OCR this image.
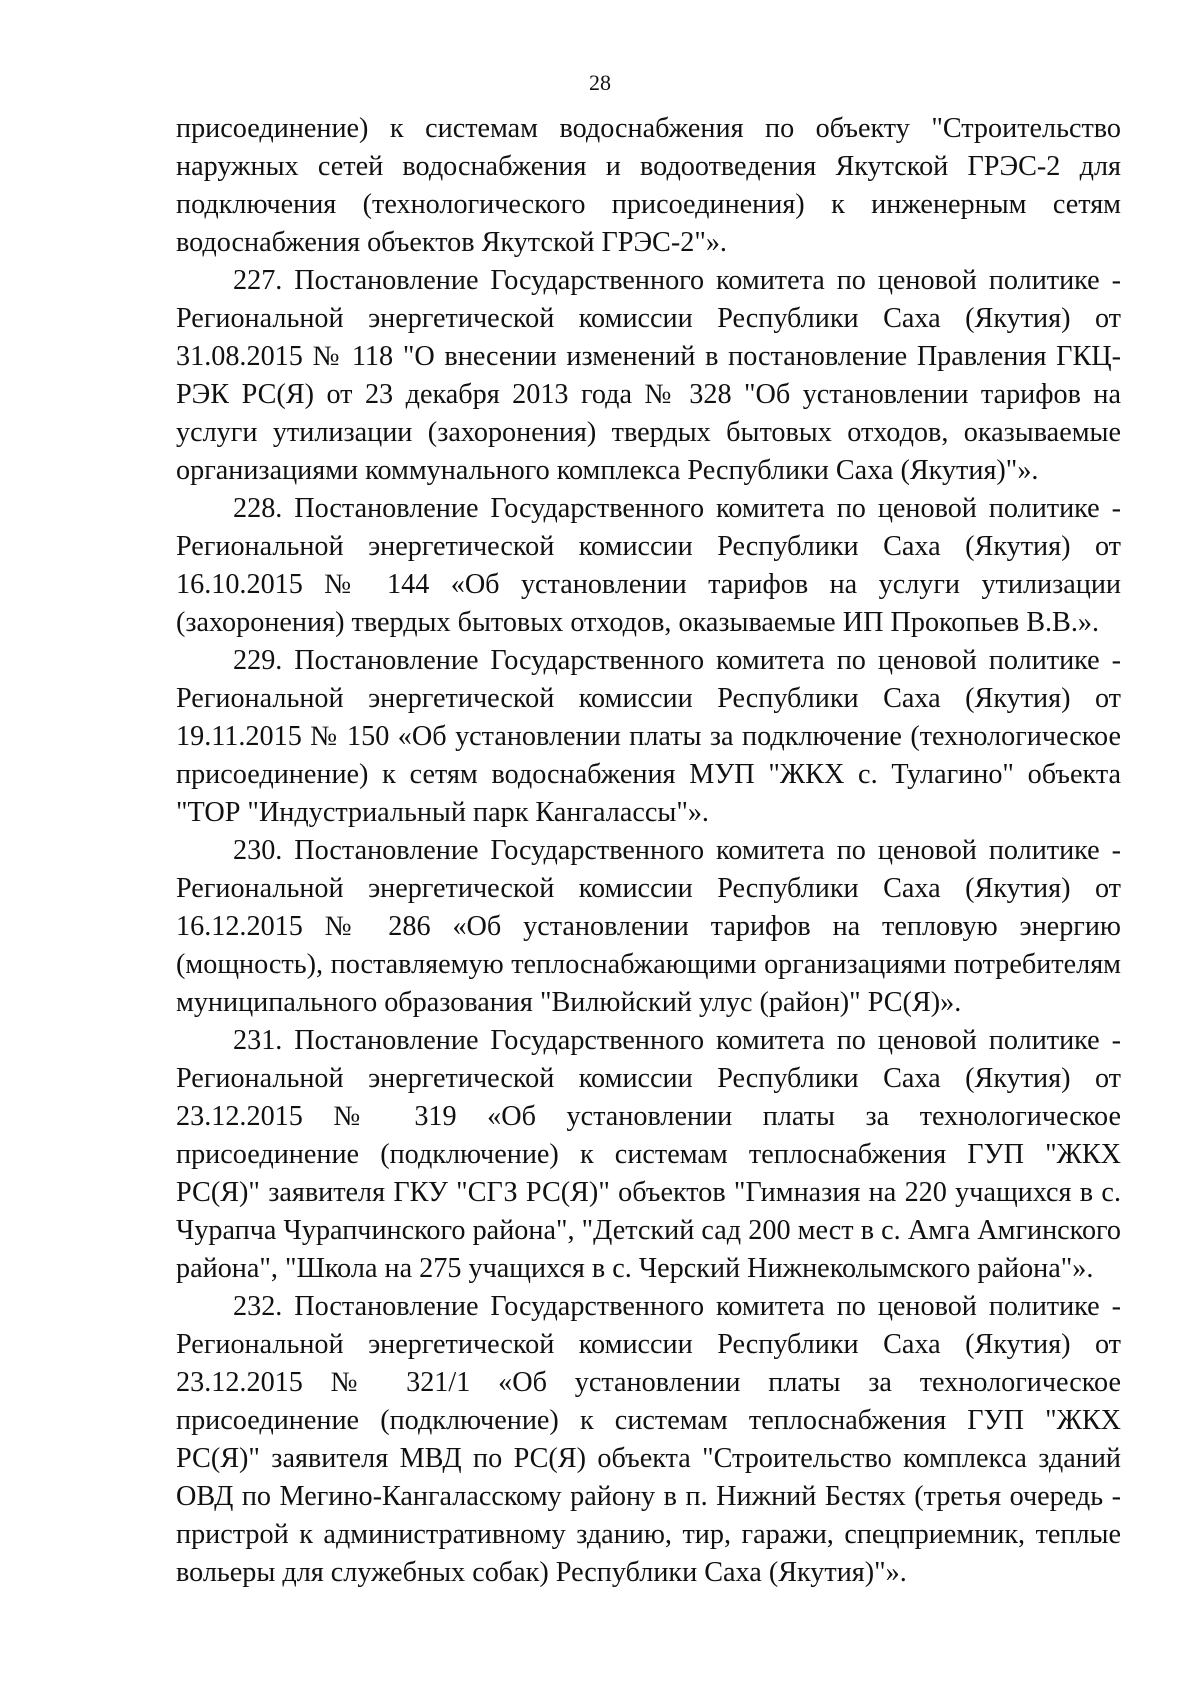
28

присоединение) к системам водоснабжения по объекту "Строительство наружных сетей водоснабжения и водоотведения Якутской ГРЭС-2 для подключения (технологического присоединения) к инженерным сетям водоснабжения объектов Якутской ГРЭС-2"».

227. Постановление Государственного комитета по ценовой политике - Региональной энергетической комиссии Республики Саха (Якутия) от 31.08.2015 № 118 "О внесении изменений в постановление Правления ГКЦ-РЭК РС(Я) от 23 декабря 2013 года № 328 "Об установлении тарифов на услуги утилизации (захоронения) твердых бытовых отходов, оказываемые организациями коммунального комплекса Республики Саха (Якутия)"».

228. Постановление Государственного комитета по ценовой политике - Региональной энергетической комиссии Республики Саха (Якутия) от 16.10.2015 № 144 «Об установлении тарифов на услуги утилизации (захоронения) твердых бытовых отходов, оказываемые ИП Прокопьев В.В.».

229. Постановление Государственного комитета по ценовой политике - Региональной энергетической комиссии Республики Саха (Якутия) от 19.11.2015 № 150 «Об установлении платы за подключение (технологическое присоединение) к сетям водоснабжения МУП "ЖКХ с. Тулагино" объекта "ТОР "Индустриальный парк Кангалассы"».

230. Постановление Государственного комитета по ценовой политике - Региональной энергетической комиссии Республики Саха (Якутия) от 16.12.2015 № 286 «Об установлении тарифов на тепловую энергию (мощность), поставляемую теплоснабжающими организациями потребителям муниципального образования "Вилюйский улус (район)" РС(Я)».

231. Постановление Государственного комитета по ценовой политике - Региональной энергетической комиссии Республики Саха (Якутия) от 23.12.2015 № 319 «Об установлении платы за технологическое присоединение (подключение) к системам теплоснабжения ГУП "ЖКХ РС(Я)" заявителя ГКУ "СГЗ РС(Я)" объектов "Гимназия на 220 учащихся в с. Чурапча Чурапчинского района", "Детский сад 200 мест в с. Амга Амгинского района", "Школа на 275 учащихся в с. Черский Нижнеколымского района"».

232. Постановление Государственного комитета по ценовой политике - Региональной энергетической комиссии Республики Саха (Якутия) от 23.12.2015 № 321/1 «Об установлении платы за технологическое присоединение (подключение) к системам теплоснабжения ГУП "ЖКХ РС(Я)" заявителя МВД по РС(Я) объекта "Строительство комплекса зданий ОВД по Мегино-Кангаласскому району в п. Нижний Бестях (третья очередь - пристрой к административному зданию, тир, гаражи, спецприемник, теплые вольеры для служебных собак) Республики Саха (Якутия)"».
